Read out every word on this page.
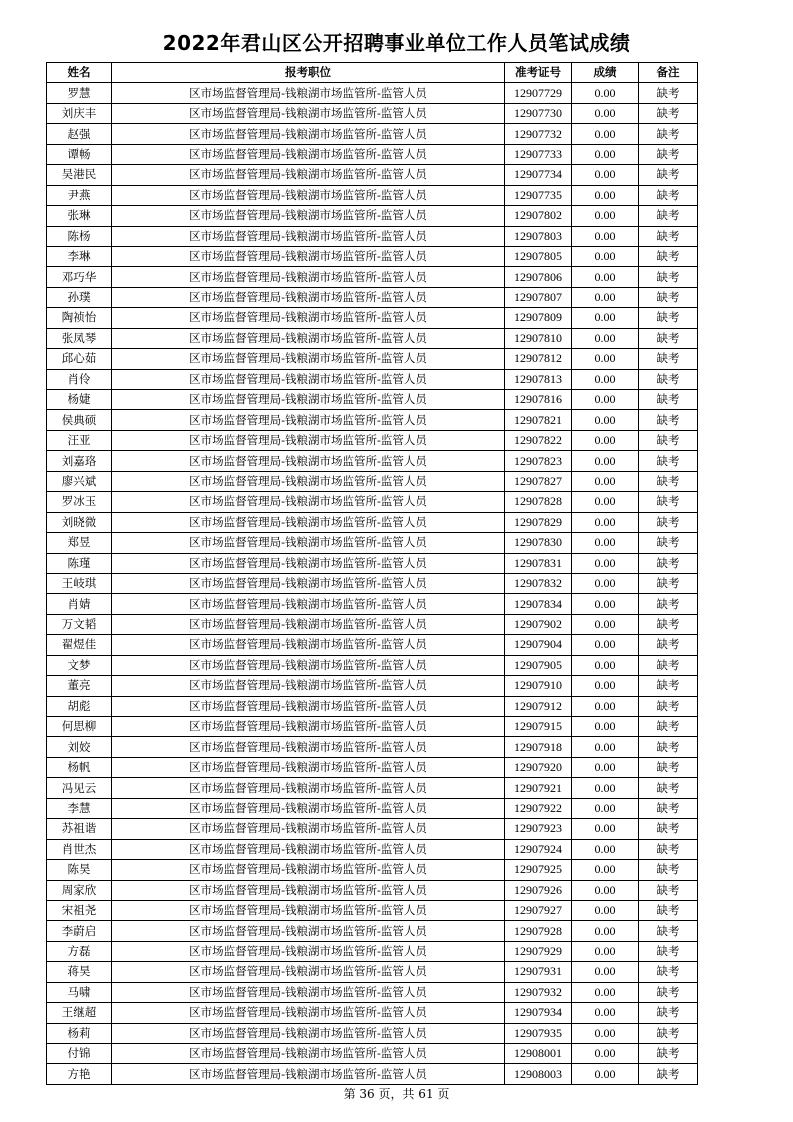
2022年君山区公开招聘事业单位工作人员笔试成绩
姓名	报考职位	准考证号	成绩	备注
罗慧	区市场监督管理局-钱粮湖市场监管所-监管人员	12907729	0.00	缺考
刘庆丰	区市场监督管理局-钱粮湖市场监管所-监管人员	12907730	0.00	缺考
赵强	区市场监督管理局-钱粮湖市场监管所-监管人员	12907732	0.00	缺考
谭畅	区市场监督管理局-钱粮湖市场监管所-监管人员	12907733	0.00	缺考
吴港民	区市场监督管理局-钱粮湖市场监管所-监管人员	12907734	0.00	缺考
尹燕	区市场监督管理局-钱粮湖市场监管所-监管人员	12907735	0.00	缺考
张琳	区市场监督管理局-钱粮湖市场监管所-监管人员	12907802	0.00	缺考
陈杨	区市场监督管理局-钱粮湖市场监管所-监管人员	12907803	0.00	缺考
李琳	区市场监督管理局-钱粮湖市场监管所-监管人员	12907805	0.00	缺考
邓巧华	区市场监督管理局-钱粮湖市场监管所-监管人员	12907806	0.00	缺考
孙璞	区市场监督管理局-钱粮湖市场监管所-监管人员	12907807	0.00	缺考
陶祯怡	区市场监督管理局-钱粮湖市场监管所-监管人员	12907809	0.00	缺考
张凤琴	区市场监督管理局-钱粮湖市场监管所-监管人员	12907810	0.00	缺考
邱心茹	区市场监督管理局-钱粮湖市场监管所-监管人员	12907812	0.00	缺考
肖伶	区市场监督管理局-钱粮湖市场监管所-监管人员	12907813	0.00	缺考
杨婕	区市场监督管理局-钱粮湖市场监管所-监管人员	12907816	0.00	缺考
侯典硕	区市场监督管理局-钱粮湖市场监管所-监管人员	12907821	0.00	缺考
汪亚	区市场监督管理局-钱粮湖市场监管所-监管人员	12907822	0.00	缺考
刘嘉珞	区市场监督管理局-钱粮湖市场监管所-监管人员	12907823	0.00	缺考
廖兴斌	区市场监督管理局-钱粮湖市场监管所-监管人员	12907827	0.00	缺考
罗冰玉	区市场监督管理局-钱粮湖市场监管所-监管人员	12907828	0.00	缺考
刘晓微	区市场监督管理局-钱粮湖市场监管所-监管人员	12907829	0.00	缺考
郑昱	区市场监督管理局-钱粮湖市场监管所-监管人员	12907830	0.00	缺考
陈瑾	区市场监督管理局-钱粮湖市场监管所-监管人员	12907831	0.00	缺考
王岐琪	区市场监督管理局-钱粮湖市场监管所-监管人员	12907832	0.00	缺考
肖婧	区市场监督管理局-钱粮湖市场监管所-监管人员	12907834	0.00	缺考
万文韬	区市场监督管理局-钱粮湖市场监管所-监管人员	12907902	0.00	缺考
翟煜佳	区市场监督管理局-钱粮湖市场监管所-监管人员	12907904	0.00	缺考
文梦	区市场监督管理局-钱粮湖市场监管所-监管人员	12907905	0.00	缺考
董亮	区市场监督管理局-钱粮湖市场监管所-监管人员	12907910	0.00	缺考
胡彪	区市场监督管理局-钱粮湖市场监管所-监管人员	12907912	0.00	缺考
何思柳	区市场监督管理局-钱粮湖市场监管所-监管人员	12907915	0.00	缺考
刘姣	区市场监督管理局-钱粮湖市场监管所-监管人员	12907918	0.00	缺考
杨帆	区市场监督管理局-钱粮湖市场监管所-监管人员	12907920	0.00	缺考
冯见云	区市场监督管理局-钱粮湖市场监管所-监管人员	12907921	0.00	缺考
李慧	区市场监督管理局-钱粮湖市场监管所-监管人员	12907922	0.00	缺考
苏祖谐	区市场监督管理局-钱粮湖市场监管所-监管人员	12907923	0.00	缺考
肖世杰	区市场监督管理局-钱粮湖市场监管所-监管人员	12907924	0.00	缺考
陈昊	区市场监督管理局-钱粮湖市场监管所-监管人员	12907925	0.00	缺考
周家欣	区市场监督管理局-钱粮湖市场监管所-监管人员	12907926	0.00	缺考
宋祖尧	区市场监督管理局-钱粮湖市场监管所-监管人员	12907927	0.00	缺考
李蔚启	区市场监督管理局-钱粮湖市场监管所-监管人员	12907928	0.00	缺考
方磊	区市场监督管理局-钱粮湖市场监管所-监管人员	12907929	0.00	缺考
蒋昊	区市场监督管理局-钱粮湖市场监管所-监管人员	12907931	0.00	缺考
马啸	区市场监督管理局-钱粮湖市场监管所-监管人员	12907932	0.00	缺考
王继超	区市场监督管理局-钱粮湖市场监管所-监管人员	12907934	0.00	缺考
杨莉	区市场监督管理局-钱粮湖市场监管所-监管人员	12907935	0.00	缺考
付锦	区市场监督管理局-钱粮湖市场监管所-监管人员	12908001	0.00	缺考
方艳	区市场监督管理局-钱粮湖市场监管所-监管人员	12908003	0.00	缺考
第 36 页，共 61 页
